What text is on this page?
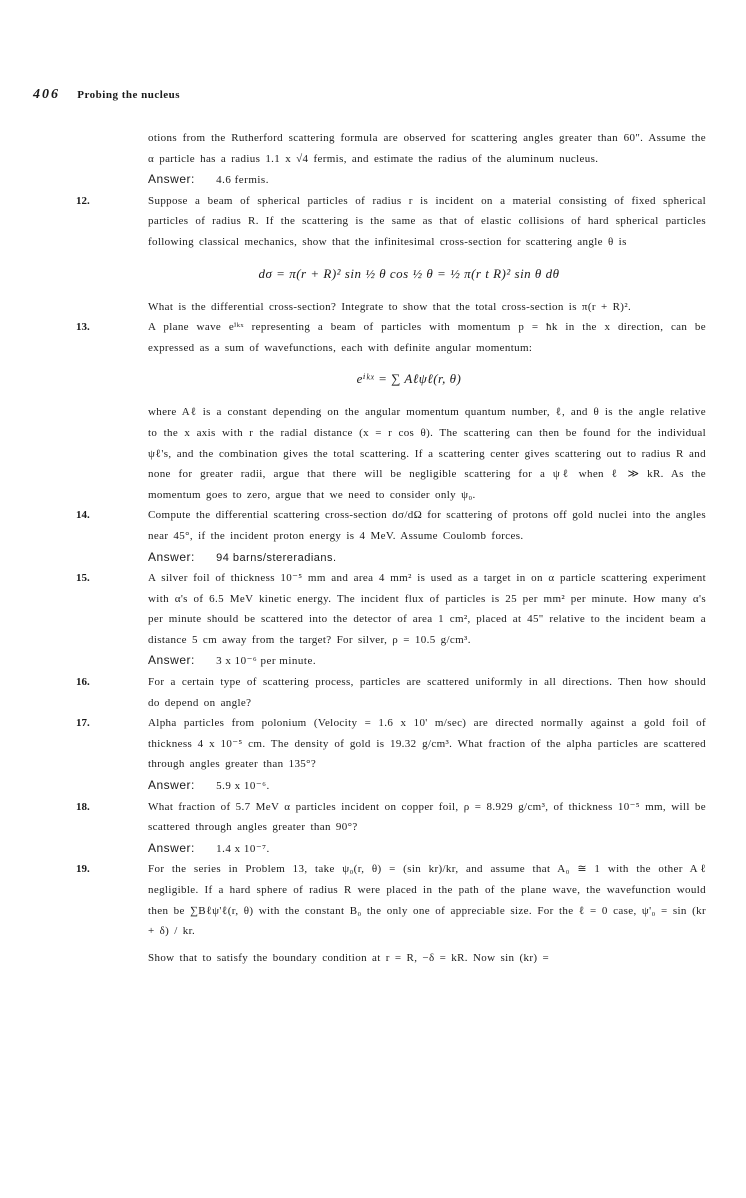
406 Probing the nucleus

otions from the Rutherford scattering formula are observed for scattering angles greater than 60". Assume the α particle has a radius 1.1 x √4 fermis, and estimate the radius of the aluminum nucleus.

Answer: 4.6 fermis.
12.	Suppose a beam of spherical particles of radius r is incident on a material consisting of fixed spherical particles of radius R. If the scattering is the same as that of elastic collisions of hard spherical particles following classical mechanics, show that the infinitesimal cross-section for scattering angle θ is

dσ = π(r + R)² sin ½ θ cos ½ θ = ½ π(r t R)² sin θ dθ

What is the differential cross-section? Integrate to show that the total cross-section is π(r + R)².

13.	A plane wave eⁱᵏˣ representing a beam of particles with momentum p = ħk in the x direction, can be expressed as a sum of wavefunctions, each with definite angular momentum:

eⁱᵏˣ = ∑ Aℓψℓ(r, θ)

where Aℓ is a constant depending on the angular momentum quantum number, ℓ, and θ is the angle relative to the x axis with r the radial distance (x = r cos θ). The scattering can then be found for the individual ψℓ's, and the combination gives the total scattering. If a scattering center gives scattering out to radius R and none for greater radii, argue that there will be negligible scattering for a ψℓ when ℓ ≫ kR. As the momentum goes to zero, argue that we need to consider only ψ₀.

14.	Compute the differential scattering cross-section dσ/dΩ for scattering of protons off gold nuclei into the angles near 45°, if the incident proton energy is 4 MeV. Assume Coulomb forces.

Answer: 94 barns/stereradians.
15.	A silver foil of thickness 10⁻⁵ mm and area 4 mm² is used as a target in on α particle scattering experiment with α's of 6.5 MeV kinetic energy. The incident flux of particles is 25 per mm² per minute. How many α's per minute should be scattered into the detector of area 1 cm², placed at 45" relative to the incident beam a distance 5 cm away from the target? For silver, ρ = 10.5 g/cm³.

Answer: 3 x 10⁻⁶ per minute.
16.	For a certain type of scattering process, particles are scattered uniformly in all directions. Then how should do depend on angle?

17.	Alpha particles from polonium (Velocity = 1.6 x 10' m/sec) are directed normally against a gold foil of thickness 4 x 10⁻⁵ cm. The density of gold is 19.32 g/cm³. What fraction of the alpha particles are scattered through angles greater than 135°?

Answer: 5.9 x 10⁻⁶.
18.	What fraction of 5.7 MeV α particles incident on copper foil, ρ = 8.929 g/cm³, of thickness 10⁻⁵ mm, will be scattered through angles greater than 90°?

Answer: 1.4 x 10⁻⁷.
19.	For the series in Problem 13, take ψ₀(r, θ) = (sin kr)/kr, and assume that A₀ ≅ 1 with the other Aℓ negligible. If a hard sphere of radius R were placed in the path of the plane wave, the wavefunction would then be ∑Bℓψ'ℓ(r, θ) with the constant B₀ the only one of appreciable size. For the ℓ = 0 case, ψ'₀ = sin (kr + δ) / kr.

Show that to satisfy the boundary condition at r = R, −δ = kR. Now sin (kr) =
